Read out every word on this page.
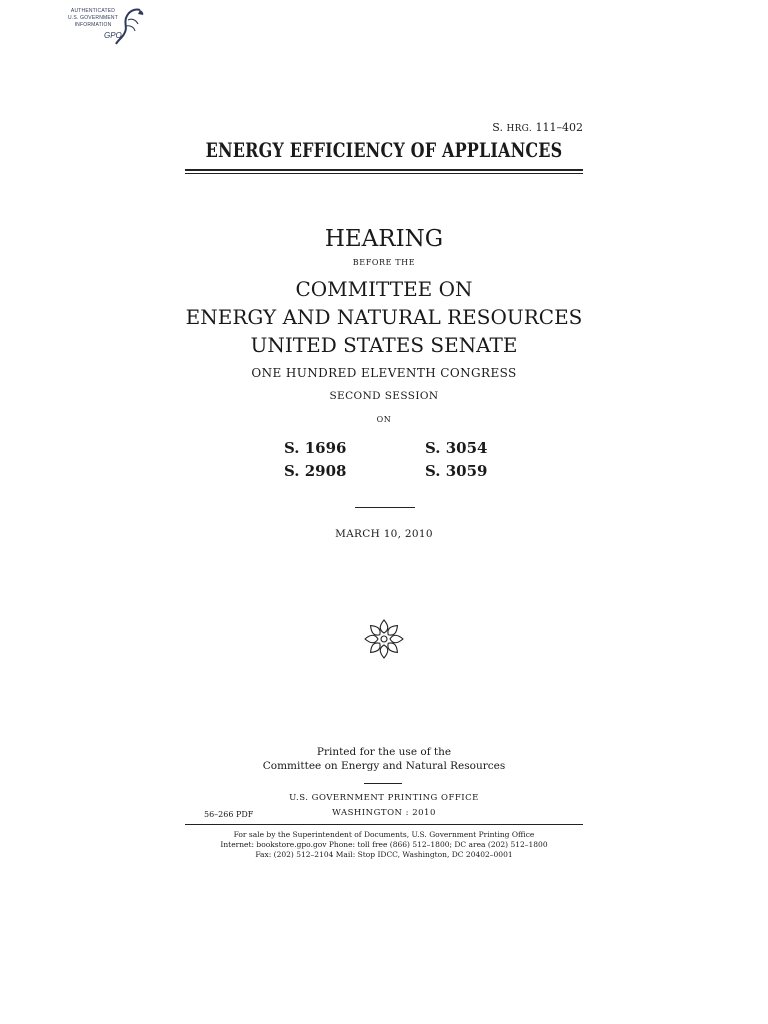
AUTHENTICATED
U.S. GOVERNMENT
INFORMATION
GPO
S. HRG. 111–402
ENERGY EFFICIENCY OF APPLIANCES
HEARING
BEFORE THE
COMMITTEE ON
ENERGY AND NATURAL RESOURCES
UNITED STATES SENATE
ONE HUNDRED ELEVENTH CONGRESS
SECOND SESSION
ON
S. 1696	S. 3054
S. 2908	S. 3059
MARCH 10, 2010
Printed for the use of the
Committee on Energy and Natural Resources
U.S. GOVERNMENT PRINTING OFFICE
56–266 PDF	WASHINGTON : 2010
For sale by the Superintendent of Documents, U.S. Government Printing Office
Internet: bookstore.gpo.gov Phone: toll free (866) 512–1800; DC area (202) 512–1800
Fax: (202) 512–2104 Mail: Stop IDCC, Washington, DC 20402–0001
